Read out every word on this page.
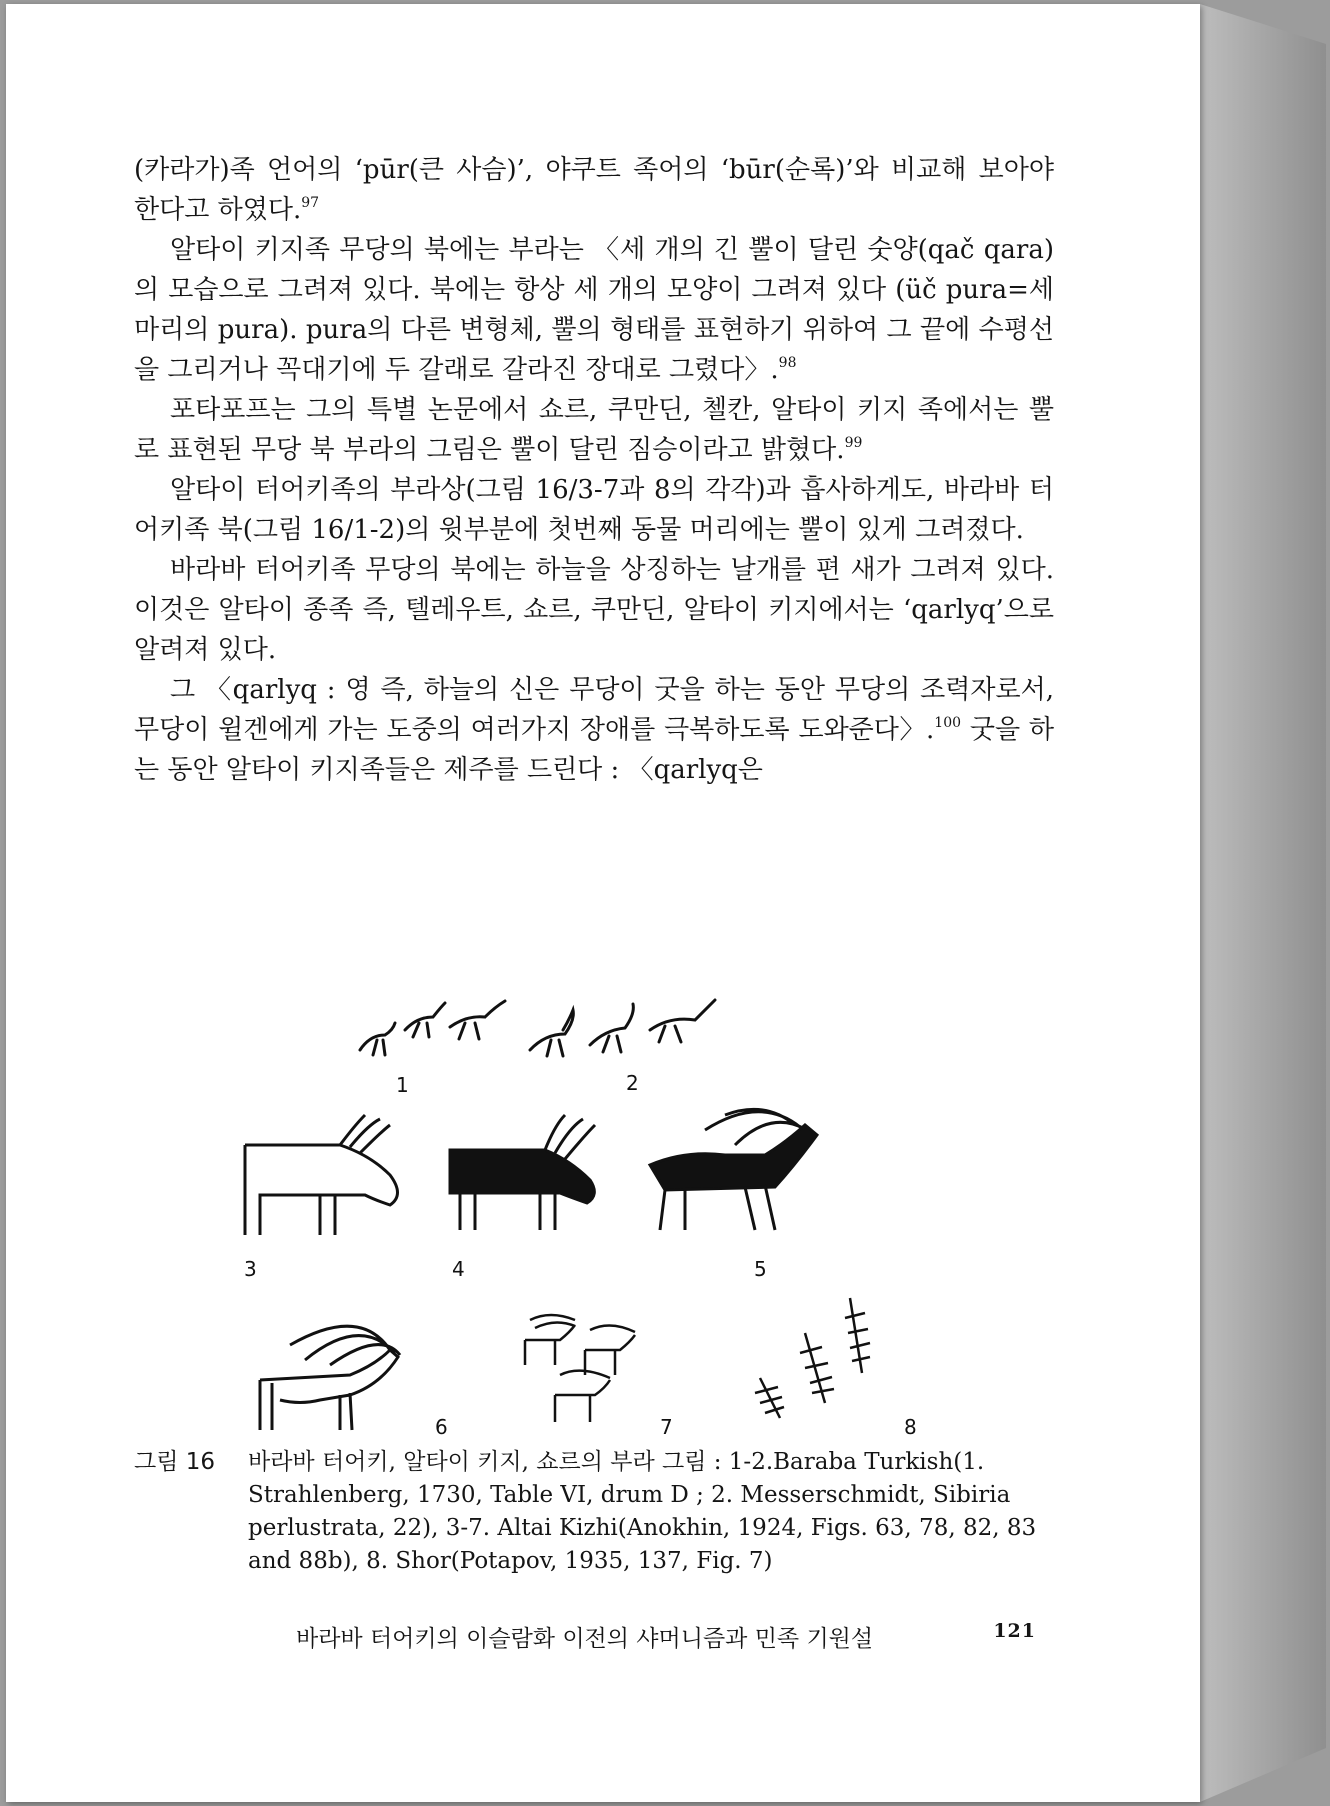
(카라가)족 언어의 ‘pūr(큰 사슴)’, 야쿠트 족어의 ‘būr(순록)’와 비교해 보아야 한다고 하였다.$^{97}$

알타이 키지족 무당의 북에는 부라는 〈세 개의 긴 뿔이 달린 숫양(qač qara)의 모습으로 그려져 있다. 북에는 항상 세 개의 모양이 그려져 있다 (üč pura=세 마리의 pura). pura의 다른 변형체, 뿔의 형태를 표현하기 위하여 그 끝에 수평선을 그리거나 꼭대기에 두 갈래로 갈라진 장대로 그렸다〉.$^{98}$

포타포프는 그의 특별 논문에서 쇼르, 쿠만딘, 첼칸, 알타이 키지 족에서는 뿔로 표현된 무당 북 부라의 그림은 뿔이 달린 짐승이라고 밝혔다.$^{99}$

알타이 터어키족의 부라상(그림 16/3-7과 8의 각각)과 흡사하게도, 바라바 터어키족 북(그림 16/1-2)의 윗부분에 첫번째 동물 머리에는 뿔이 있게 그려졌다.

바라바 터어키족 무당의 북에는 하늘을 상징하는 날개를 편 새가 그려져 있다. 이것은 알타이 종족 즉, 텔레우트, 쇼르, 쿠만딘, 알타이 키지에서는 ‘qarlyq’으로 알려져 있다.

그 〈qarlyq : 영 즉, 하늘의 신은 무당이 굿을 하는 동안 무당의 조력자로서, 무당이 윌겐에게 가는 도중의 여러가지 장애를 극복하도록 도와준다〉.$^{100}$ 굿을 하는 동안 알타이 키지족들은 제주를 드린다 : 〈qarlyq은

1	2
3	4	5
6	7	8
그림 16 바라바 터어키, 알타이 키지, 쇼르의 부라 그림 : 1-2.Baraba Turkish(1. Strahlenberg, 1730, Table VI, drum D ; 2. Messerschmidt, Sibiria perlustrata, 22), 3-7. Altai Kizhi(Anokhin, 1924, Figs. 63, 78, 82, 83 and 88b), 8. Shor(Potapov, 1935, 137, Fig. 7)
바라바 터어키의 이슬람화 이전의 샤머니즘과 민족 기원설	121
